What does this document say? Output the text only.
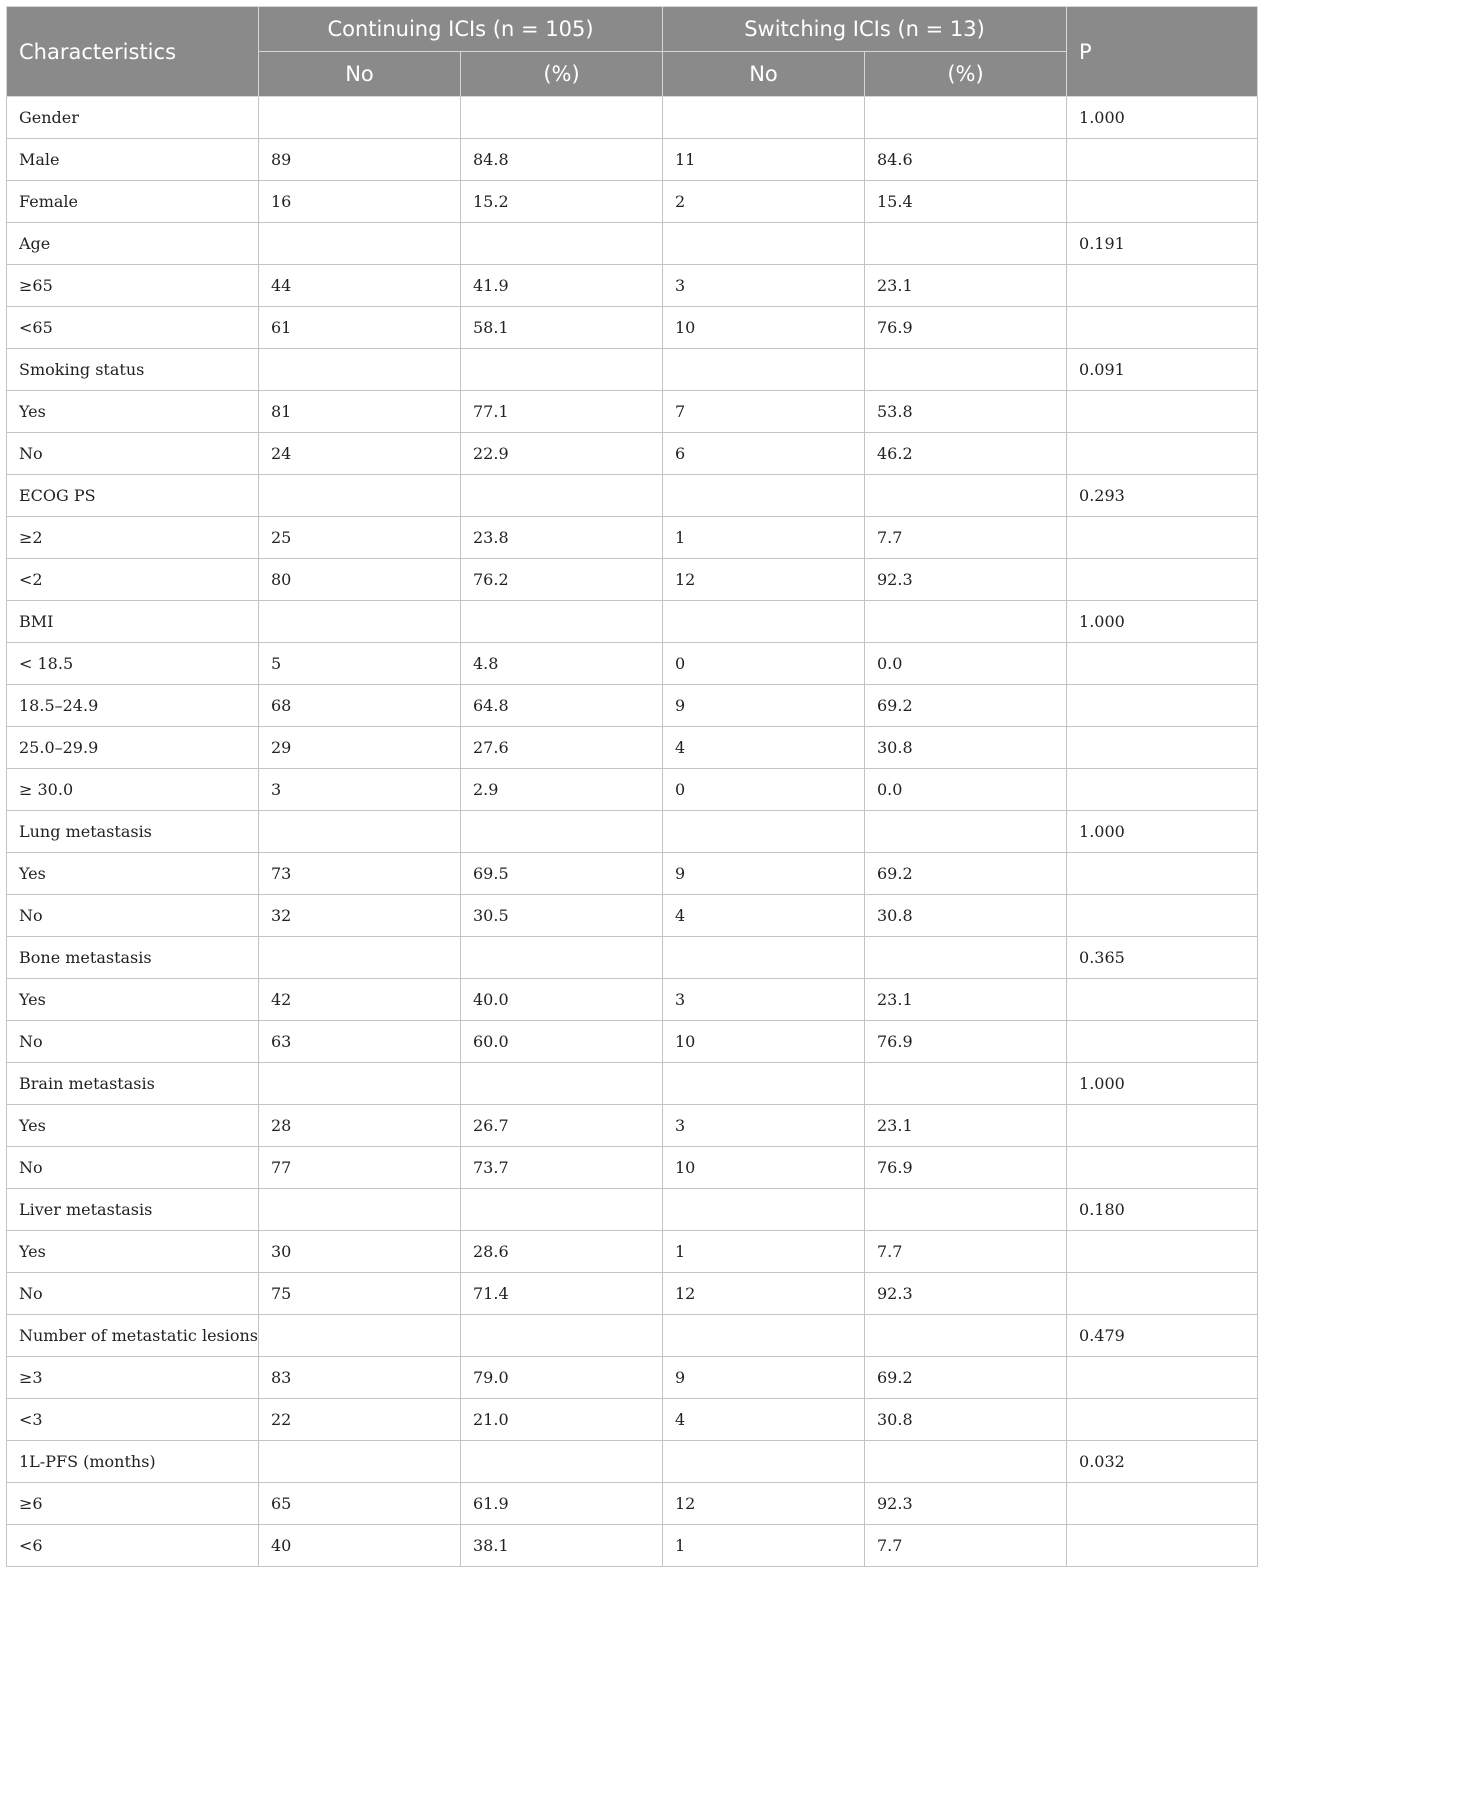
Characteristics	Continuing ICIs (n = 105)		Switching ICIs (n = 13)		P
	No	(%)	No	(%)	
Gender					1.000
Male	89	84.8	11	84.6	
Female	16	15.2	2	15.4	
Age					0.191
≥65	44	41.9	3	23.1	
<65	61	58.1	10	76.9	
Smoking status					0.091
Yes	81	77.1	7	53.8	
No	24	22.9	6	46.2	
ECOG PS					0.293
≥2	25	23.8	1	7.7	
<2	80	76.2	12	92.3	
BMI					1.000
< 18.5	5	4.8	0	0.0	
18.5–24.9	68	64.8	9	69.2	
25.0–29.9	29	27.6	4	30.8	
≥ 30.0	3	2.9	0	0.0	
Lung metastasis					1.000
Yes	73	69.5	9	69.2	
No	32	30.5	4	30.8	
Bone metastasis					0.365
Yes	42	40.0	3	23.1	
No	63	60.0	10	76.9	
Brain metastasis					1.000
Yes	28	26.7	3	23.1	
No	77	73.7	10	76.9	
Liver metastasis					0.180
Yes	30	28.6	1	7.7	
No	75	71.4	12	92.3	
Number of metastatic lesions					0.479
≥3	83	79.0	9	69.2	
<3	22	21.0	4	30.8	
1L-PFS (months)					0.032
≥6	65	61.9	12	92.3	
<6	40	38.1	1	7.7	
